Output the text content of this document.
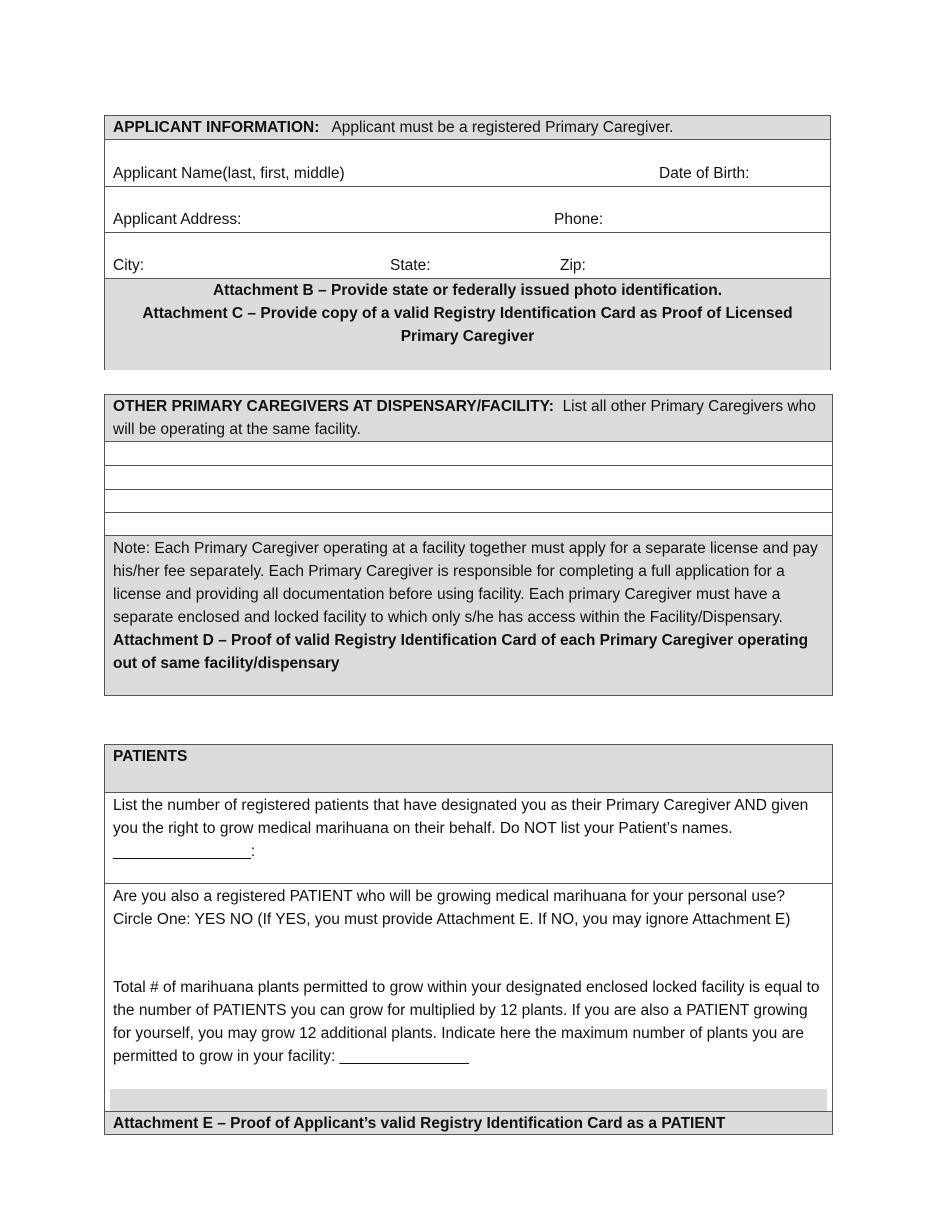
APPLICANT INFORMATION: Applicant must be a registered Primary Caregiver.
Applicant Name(last, first, middle)	Date of Birth:
Applicant Address:	Phone:
City:	State:	Zip:
Attachment B – Provide state or federally issued photo identification.
Attachment C – Provide copy of a valid Registry Identification Card as Proof of Licensed Primary Caregiver
OTHER PRIMARY CAREGIVERS AT DISPENSARY/FACILITY: List all other Primary Caregivers who will be operating at the same facility.
Note: Each Primary Caregiver operating at a facility together must apply for a separate license and pay his/her fee separately. Each Primary Caregiver is responsible for completing a full application for a license and providing all documentation before using facility. Each primary Caregiver must have a separate enclosed and locked facility to which only s/he has access within the Facility/Dispensary.
Attachment D – Proof of valid Registry Identification Card of each Primary Caregiver operating out of same facility/dispensary
PATIENTS
List the number of registered patients that have designated you as their Primary Caregiver AND given you the right to grow medical marihuana on their behalf. Do NOT list your Patient’s names.    ________________:
Are you also a registered PATIENT who will be growing medical marihuana for your personal use? Circle One: YES NO (If YES, you must provide Attachment E. If NO, you may ignore Attachment E)
Total # of marihuana plants permitted to grow within your designated enclosed locked facility is equal to the number of PATIENTS you can grow for multiplied by 12 plants. If you are also a PATIENT growing for yourself, you may grow 12 additional plants. Indicate here the maximum number of plants you are permitted to grow in your facility: _______________
Attachment E – Proof of Applicant’s valid Registry Identification Card as a PATIENT
